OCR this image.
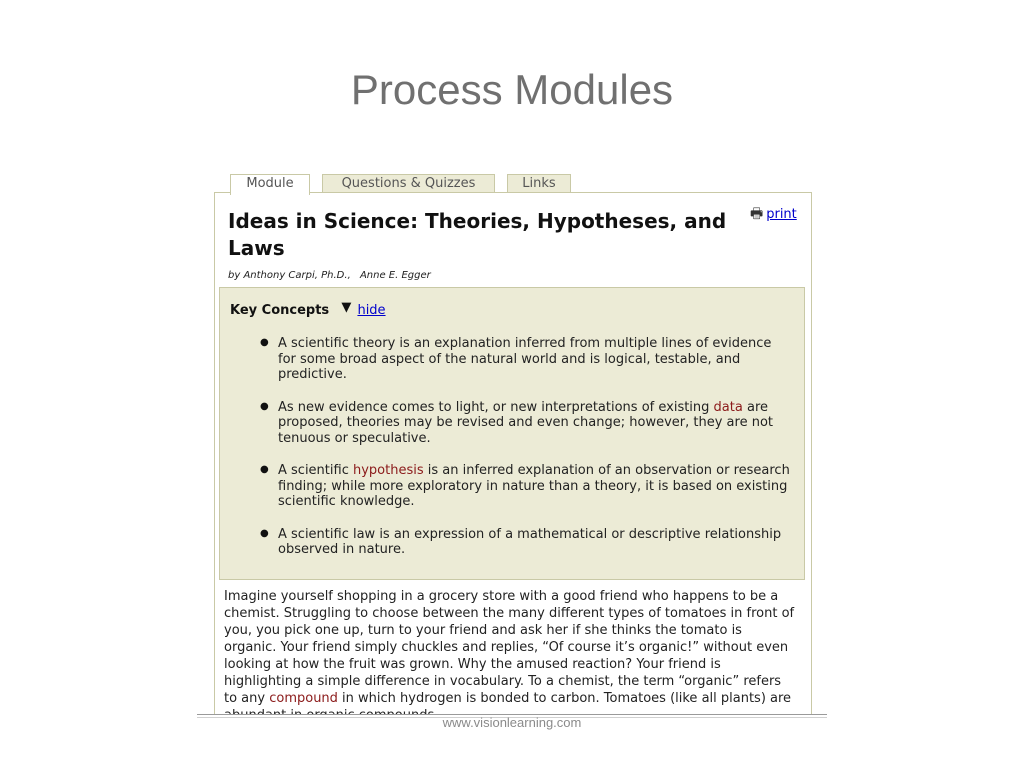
Process Modules
Module	Questions & Quizzes	Links
🖶 print
Ideas in Science: Theories, Hypotheses, and Laws
by Anthony Carpi, Ph.D., Anne E. Egger
Key Concepts ▼ hide
● A scientific theory is an explanation inferred from multiple lines of evidence for some broad aspect of the natural world and is logical, testable, and predictive.
● As new evidence comes to light, or new interpretations of existing data are proposed, theories may be revised and even change; however, they are not tenuous or speculative.
● A scientific hypothesis is an inferred explanation of an observation or research finding; while more exploratory in nature than a theory, it is based on existing scientific knowledge.
● A scientific law is an expression of a mathematical or descriptive relationship observed in nature.
Imagine yourself shopping in a grocery store with a good friend who happens to be a chemist. Struggling to choose between the many different types of tomatoes in front of you, you pick one up, turn to your friend and ask her if she thinks the tomato is organic. Your friend simply chuckles and replies, “Of course it’s organic!” without even looking at how the fruit was grown. Why the amused reaction? Your friend is highlighting a simple difference in vocabulary. To a chemist, the term “organic” refers to any compound in which hydrogen is bonded to carbon. Tomatoes (like all plants) are
www.visionlearning.com
